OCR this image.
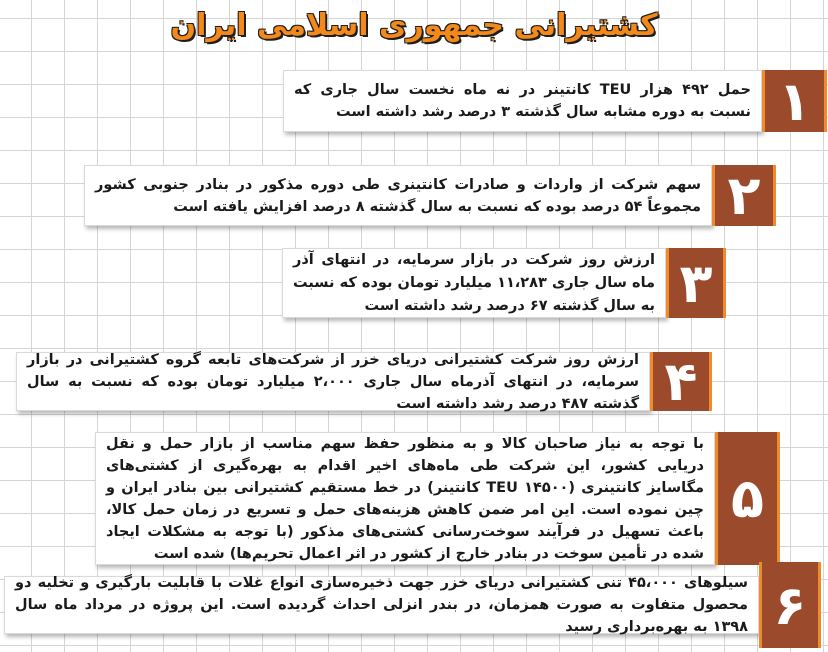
کشتیرانی جمهوری اسلامی ایران
حمل ۴۹۲ هزار TEU کانتینر در نه ماه نخست سال جاری که نسبت به دوره مشابه سال گذشته ۳ درصد رشد داشته است ۱
سهم شرکت از واردات و صادرات کانتینری طی دوره مذکور در بنادر جنوبی کشور مجموعاً ۵۴ درصد بوده که نسبت به سال گذشته ۸ درصد افزایش یافته است ۲
ارزش روز شرکت در بازار سرمایه، در انتهای آذر ماه سال جاری ۱۱،۲۸۳ میلیارد تومان بوده که نسبت به سال گذشته ۶۷ درصد رشد داشته است ۳
ارزش روز شرکت کشتیرانی دریای خزر از شرکت‌های تابعه گروه کشتیرانی در بازار سرمایه، در انتهای آذرماه سال جاری ۲،۰۰۰ میلیارد تومان بوده که نسبت به سال گذشته ۴۸۷ درصد رشد داشته است ۴
با توجه به نیاز صاحبان کالا و به منظور حفظ سهم مناسب از بازار حمل و نقل دریایی کشور، این شرکت طی ماه‌های اخیر اقدام به بهره‌گیری از کشتی‌های مگاسایز کانتینری (۱۴۵۰۰ TEU کانتینر) در خط مستقیم کشتیرانی بین بنادر ایران و چین نموده است. این امر ضمن کاهش هزینه‌های حمل و تسریع در زمان حمل کالا، باعث تسهیل در فرآیند سوخت‌رسانی کشتی‌های مذکور (با توجه به مشکلات ایجاد شده در تأمین سوخت در بنادر خارج از کشور در اثر اعمال تحریم‌ها) شده است
۵
سیلوهای ۴۵،۰۰۰ تنی کشتیرانی دریای خزر جهت ذخیره‌سازی انواع غلات با قابلیت بارگیری و تخلیه دو محصول متفاوت به صورت همزمان، در بندر انزلی احداث گردیده است. این پروژه در مرداد ماه سال ۱۳۹۸ به بهره‌برداری رسید ۶
